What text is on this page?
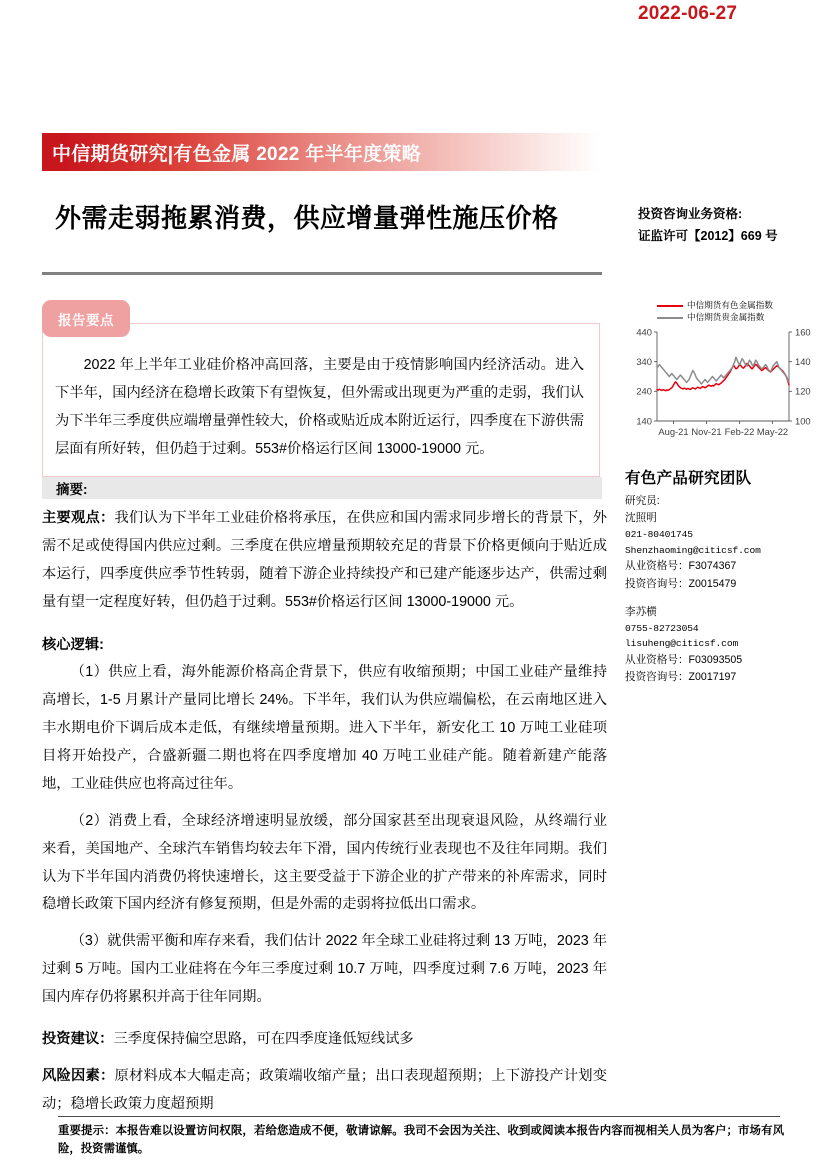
中信期货研究|有色金属 2022 年半年度策略
2022-06-27
外需走弱拖累消费，供应增量弹性施压价格	投资咨询业务资格:
证监许可【2012】669 号
2022 年上半年工业硅价格冲高回落，主要是由于疫情影响国内经济活动。进入下半年，国内经济在稳增长政策下有望恢复，但外需或出现更为严重的走弱，我们认为下半年三季度供应端增量弹性较大，价格或贴近成本附近运行，四季度在下游供需层面有所好转，但仍趋于过剩。553#价格运行区间 13000-19000 元。
报告要点
中信期货有色金属指数
中信期货贵金属指数
140
240
340
440
100
120
140
160
Aug-21 Nov-21 Feb-22 May-22
有色产品研究团队
研究员:
沈照明
021-80401745
Shenzhaoming@citicsf.com
从业资格号：F3074367
投资咨询号：Z0015479
李苏横
0755-82723054
lisuheng@citicsf.com
从业资格号：F03093505
投资咨询号：Z0017197
摘要:

主要观点：我们认为下半年工业硅价格将承压，在供应和国内需求同步增长的背景下，外需不足或使得国内供应过剩。三季度在供应增量预期较充足的背景下价格更倾向于贴近成本运行，四季度供应季节性转弱，随着下游企业持续投产和已建产能逐步达产，供需过剩量有望一定程度好转，但仍趋于过剩。553#价格运行区间 13000-19000 元。

核心逻辑:

（1）供应上看，海外能源价格高企背景下，供应有收缩预期；中国工业硅产量维持高增长，1-5 月累计产量同比增长 24%。下半年，我们认为供应端偏松，在云南地区进入丰水期电价下调后成本走低，有继续增量预期。进入下半年，新安化工 10 万吨工业硅项目将开始投产，合盛新疆二期也将在四季度增加 40 万吨工业硅产能。随着新建产能落地，工业硅供应也将高过往年。

（2）消费上看，全球经济增速明显放缓，部分国家甚至出现衰退风险，从终端行业来看，美国地产、全球汽车销售均较去年下滑，国内传统行业表现也不及往年同期。我们认为下半年国内消费仍将快速增长，这主要受益于下游企业的扩产带来的补库需求，同时稳增长政策下国内经济有修复预期，但是外需的走弱将拉低出口需求。

（3）就供需平衡和库存来看，我们估计 2022 年全球工业硅将过剩 13 万吨，2023 年过剩 5 万吨。国内工业硅将在今年三季度过剩 10.7 万吨，四季度过剩 7.6 万吨，2023 年国内库存仍将累积并高于往年同期。

投资建议：三季度保持偏空思路，可在四季度逢低短线试多

风险因素：原材料成本大幅走高；政策端收缩产量；出口表现超预期；上下游投产计划变动；稳增长政策力度超预期

重要提示：本报告难以设置访问权限，若给您造成不便，敬请谅解。我司不会因为关注、收到或阅读本报告内容而视相关人员为客户；市场有风险，投资需谨慎。
